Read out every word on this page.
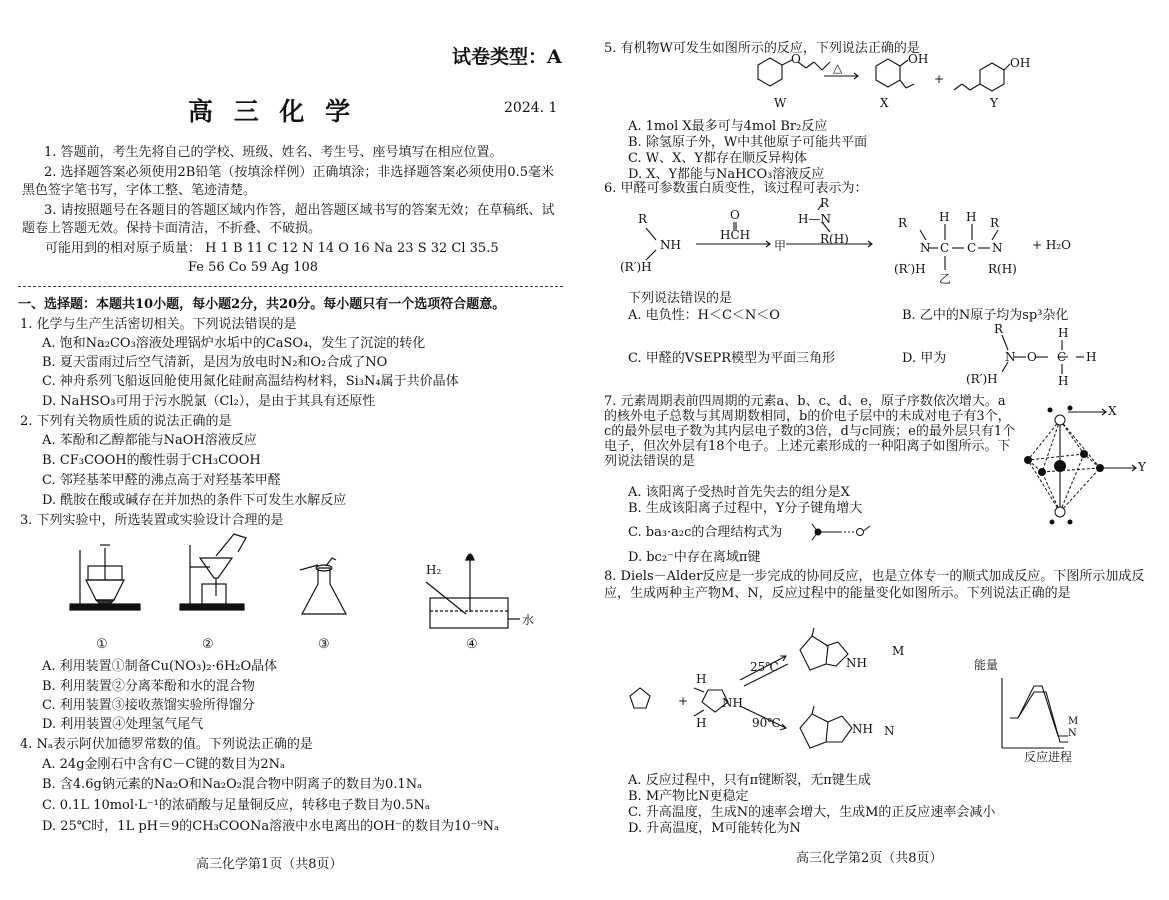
试卷类型：A
高 三 化 学	2024. 1
1. 答题前，考生先将自己的学校、班级、姓名、考生号、座号填写在相应位置。
2. 选择题答案必须使用2B铅笔（按填涂样例）正确填涂；非选择题答案必须使用0.5毫米黑色签字笔书写，字体工整、笔迹清楚。
3. 请按照题号在各题目的答题区域内作答，超出答题区域书写的答案无效；在草稿纸、试题卷上答题无效。保持卡面清洁，不折叠、不破损。
可能用到的相对原子质量： H 1 B 11 C 12 N 14 O 16 Na 23 S 32 Cl 35.5
Fe 56 Co 59 Ag 108
一、选择题：本题共10小题，每小题2分，共20分。每小题只有一个选项符合题意。
1. 化学与生产生活密切相关。下列说法错误的是
A. 饱和Na₂CO₃溶液处理锅炉水垢中的CaSO₄，发生了沉淀的转化
B. 夏天雷雨过后空气清新，是因为放电时N₂和O₂合成了NO
C. 神舟系列飞船返回舱使用氮化硅耐高温结构材料，Si₃N₄属于共价晶体
D. NaHSO₃可用于污水脱氯（Cl₂），是由于其具有还原性
2. 下列有关物质性质的说法正确的是
A. 苯酚和乙醇都能与NaOH溶液反应
B. CF₃COOH的酸性弱于CH₃COOH
C. 邻羟基苯甲醛的沸点高于对羟基苯甲醛
D. 酰胺在酸或碱存在并加热的条件下可发生水解反应
3. 下列实验中，所选装置或实验设计合理的是
H₂
水
①	②	③	④
A. 利用装置①制备Cu(NO₃)₂·6H₂O晶体
B. 利用装置②分离苯酚和水的混合物
C. 利用装置③接收蒸馏实验所得馏分
D. 利用装置④处理氢气尾气
4. Nₐ表示阿伏加德罗常数的值。下列说法正确的是
A. 24g金刚石中含有C－C键的数目为2Nₐ
B. 含4.6g钠元素的Na₂O和Na₂O₂混合物中阴离子的数目为0.1Nₐ
C. 0.1L 10mol·L⁻¹的浓硝酸与足量铜反应，转移电子数目为0.5Nₐ
D. 25℃时，1L pH＝9的CH₃COONa溶液中水电离出的OH⁻的数目为10⁻⁹Nₐ
高三化学第1页（共8页）
5. 有机物W可发生如图所示的反应，下列说法正确的是
O
△
OH	OH
+
W	X	Y
A. 1mol X最多可与4mol Br₂反应
B. 除氢原子外，W中其他原子可能共平面
C. W、X、Y都存在顺反异构体
D. X、Y都能与NaHCO₃溶液反应
6. 甲醛可参数蛋白质变性，该过程可表示为：
R
NH
(R′)H
O
HCH
甲
R
H—N
R(H)
R
N
H
C
H
C
R
N
(R′)H
乙
R(H)
+ H₂O
下列说法错误的是
A. 电负性：H＜C＜N＜O	B. 乙中的N原子均为sp³杂化
C. 甲醛的VSEPR模型为平面三角形	D. 甲为
R
N O
H
C H
H
(R′)H
7. 元素周期表前四周期的元素a、b、c、d、e，原子序数依次增大。a的核外电子总数与其周期数相同，b的价电子层中的未成对电子有3个，c的最外层电子数为其内层电子数的3倍，d与c同族；e的最外层只有1个电子，但次外层有18个电子。上述元素形成的一种阳离子如图所示。下列说法错误的是
X
Y
A. 该阳离子受热时首先失去的组分是X
B. 生成该阳离子过程中，Y分子键角增大
C. ba₃·a₂c的合理结构式为
D. bc₂⁻中存在离域π键
8. Diels－Alder反应是一步完成的协同反应，也是立体专一的顺式加成反应。下图所示加成反应，生成两种主产物M、N，反应过程中的能量变化如图所示。下列说法正确的是
+	NH
H
H
25℃
90℃
NH
M
NH N
能量
M
N
反应进程
A. 反应过程中，只有π键断裂，无π键生成
B. M产物比N更稳定
C. 升高温度，生成N的速率会增大，生成M的正反应速率会减小
D. 升高温度，M可能转化为N
高三化学第2页（共8页）
